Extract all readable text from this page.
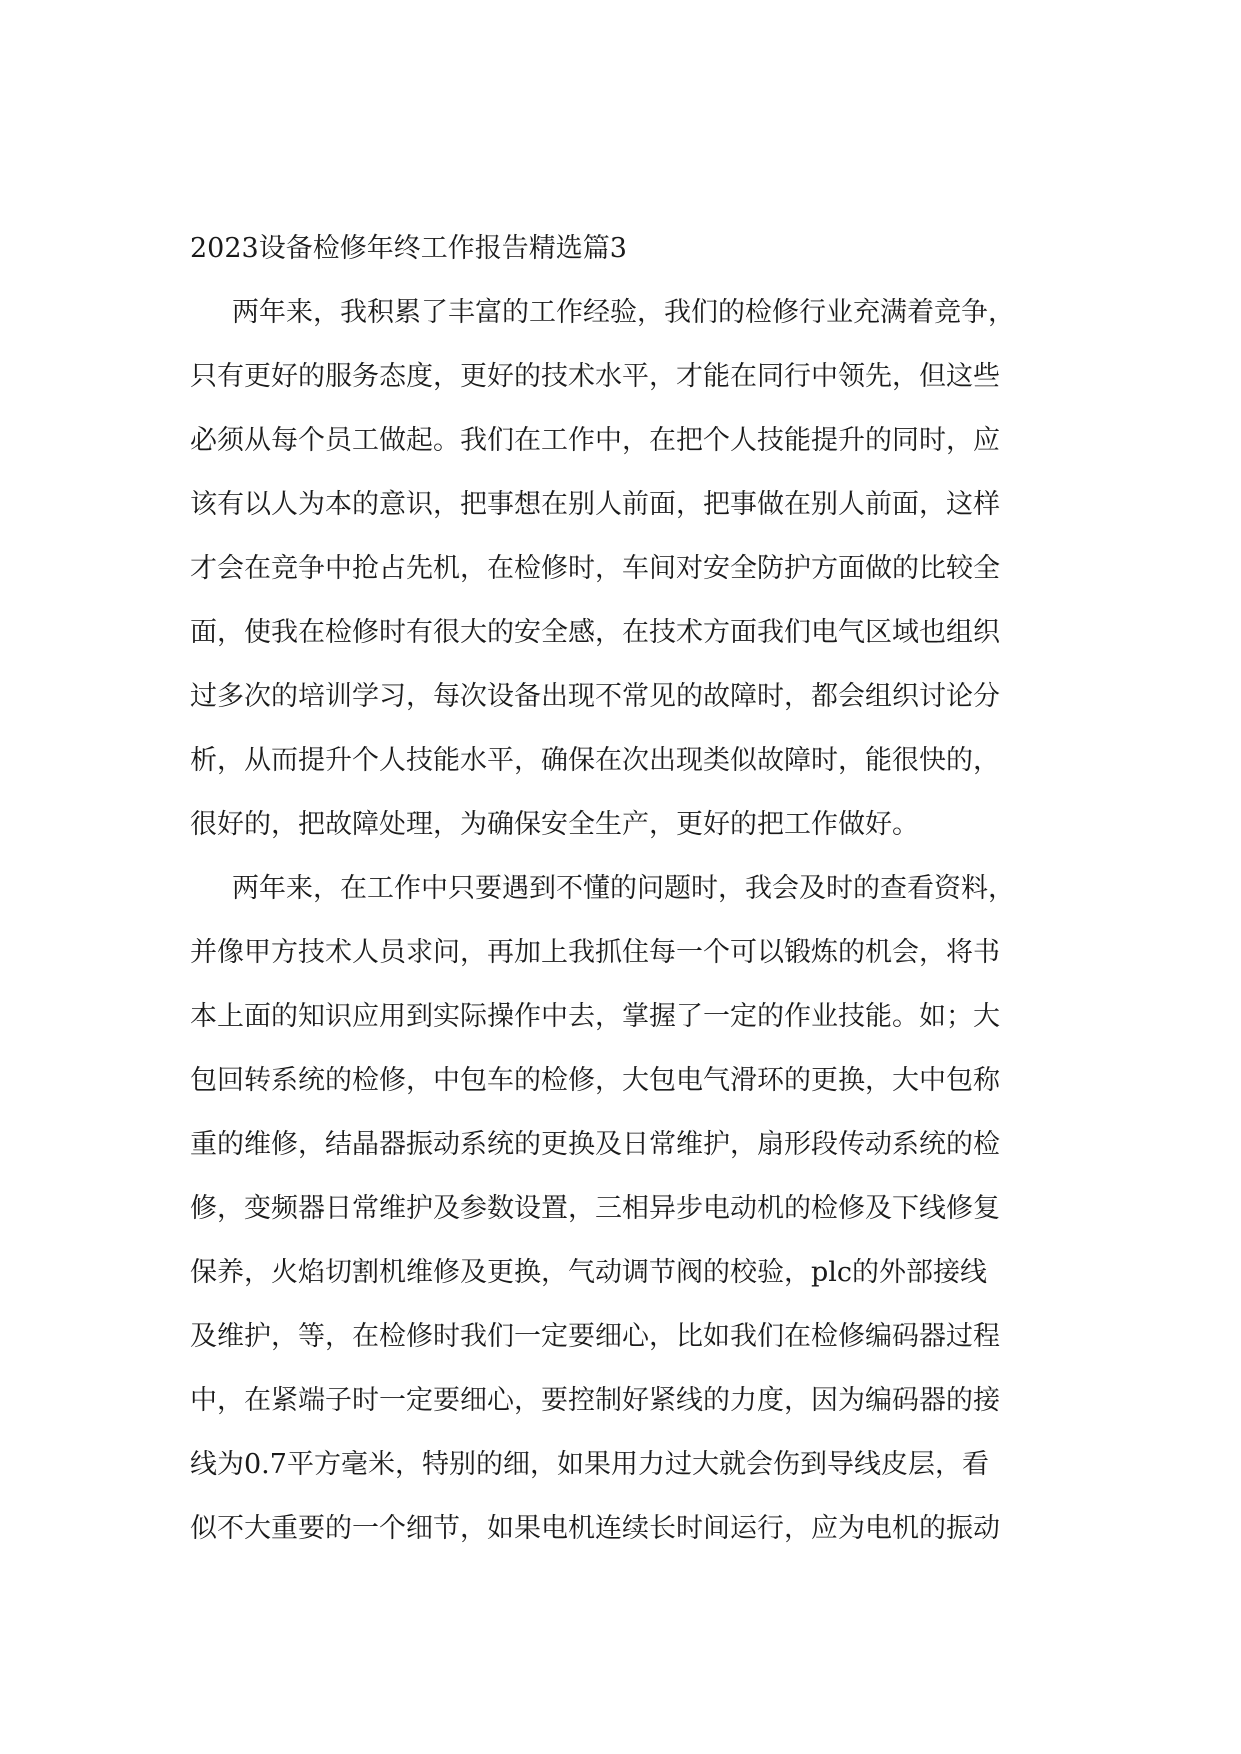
2023设备检修年终工作报告精选篇3

两年来，我积累了丰富的工作经验，我们的检修行业充满着竞争，

只有更好的服务态度，更好的技术水平，才能在同行中领先，但这些

必须从每个员工做起。我们在工作中，在把个人技能提升的同时，应

该有以人为本的意识，把事想在别人前面，把事做在别人前面，这样

才会在竞争中抢占先机，在检修时，车间对安全防护方面做的比较全

面，使我在检修时有很大的安全感，在技术方面我们电气区域也组织

过多次的培训学习，每次设备出现不常见的故障时，都会组织讨论分

析，从而提升个人技能水平，确保在次出现类似故障时，能很快的，

很好的，把故障处理，为确保安全生产，更好的把工作做好。

两年来，在工作中只要遇到不懂的问题时，我会及时的查看资料，

并像甲方技术人员求问，再加上我抓住每一个可以锻炼的机会，将书

本上面的知识应用到实际操作中去，掌握了一定的作业技能。如；大

包回转系统的检修，中包车的检修，大包电气滑环的更换，大中包称

重的维修，结晶器振动系统的更换及日常维护，扇形段传动系统的检

修，变频器日常维护及参数设置，三相异步电动机的检修及下线修复

保养，火焰切割机维修及更换，气动调节阀的校验，plc的外部接线

及维护，等，在检修时我们一定要细心，比如我们在检修编码器过程

中，在紧端子时一定要细心，要控制好紧线的力度，因为编码器的接

线为0.7平方毫米，特别的细，如果用力过大就会伤到导线皮层，看

似不大重要的一个细节，如果电机连续长时间运行，应为电机的振动
